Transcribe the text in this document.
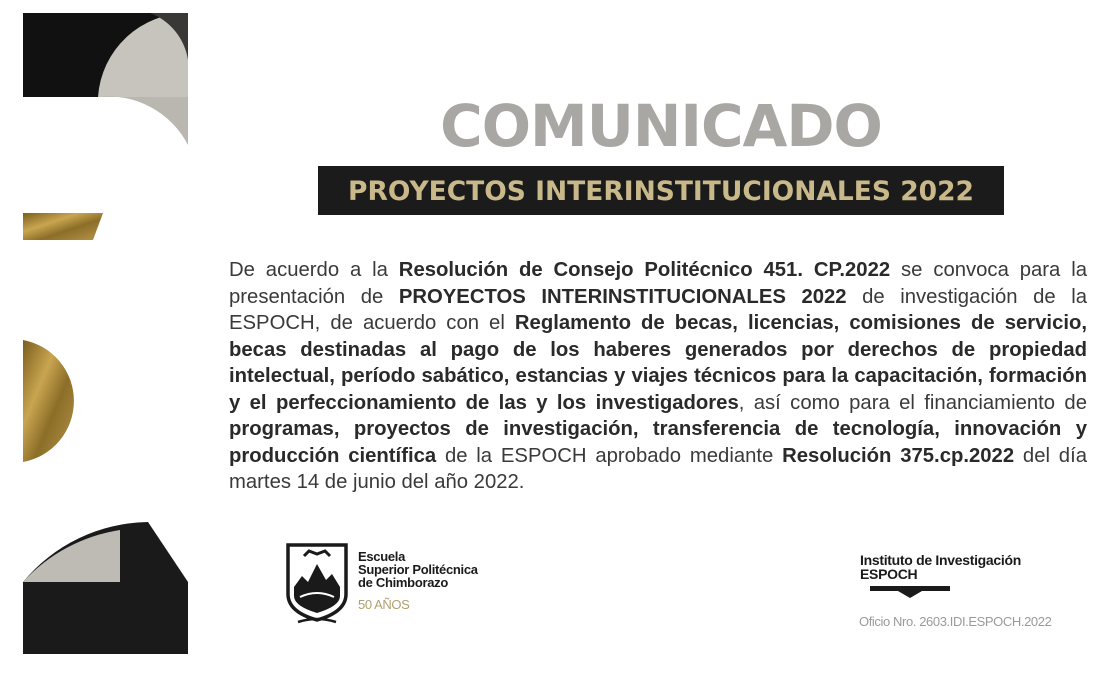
COMUNICADO
PROYECTOS INTERINSTITUCIONALES 2022

De acuerdo a la Resolución de Consejo Politécnico 451. CP.2022 se convoca para la presentación de PROYECTOS INTERINSTITUCIONALES 2022 de investigación de la ESPOCH, de acuerdo con el Reglamento de becas, licencias, comisiones de servicio, becas destinadas al pago de los haberes generados por derechos de propiedad intelectual, período sabático, estancias y viajes técnicos para la capacitación, formación y el perfeccionamiento de las y los investigadores, así como para el financiamiento de programas, proyectos de investigación, transferencia de tecnología, innovación y producción científica de la ESPOCH aprobado mediante Resolución 375.cp.2022 del día martes 14 de junio del año 2022.

Escuela
Superior Politécnica
de Chimborazo
50 AÑOS
Instituto de Investigación
ESPOCH
Oficio Nro. 2603.IDI.ESPOCH.2022
